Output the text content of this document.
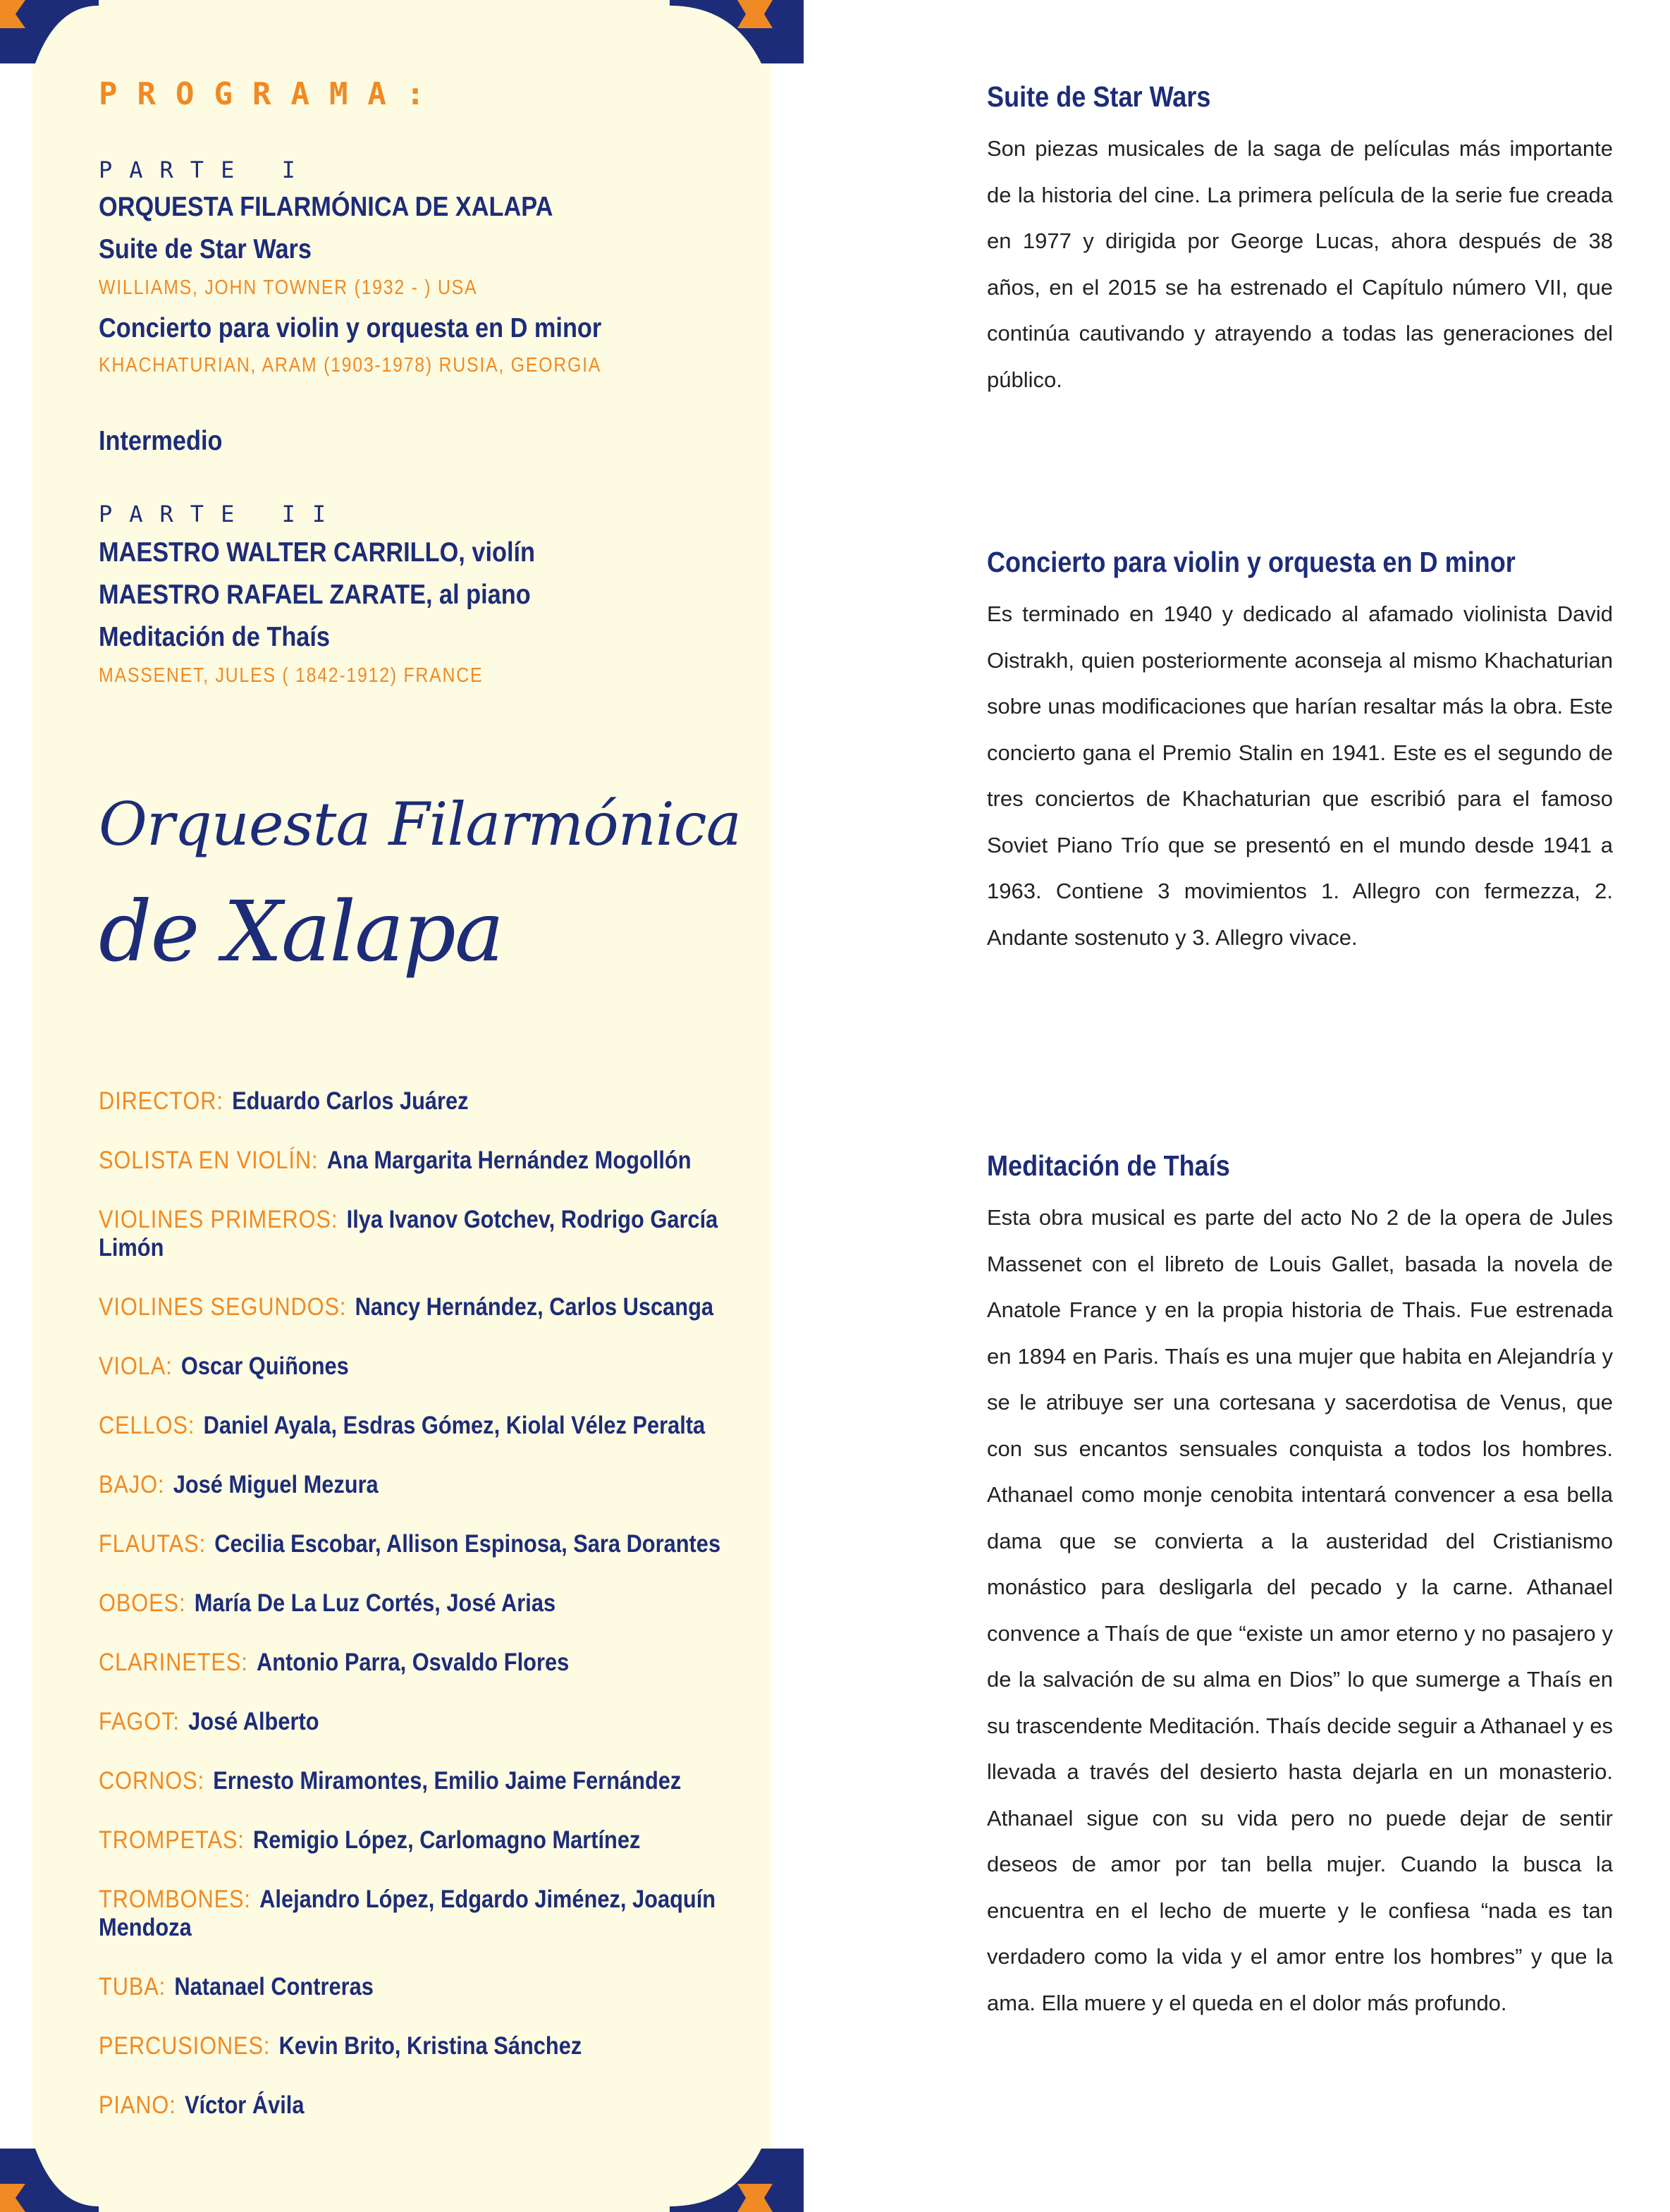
PROGRAMA:
PARTE I
ORQUESTA FILARMÓNICA DE XALAPA
Suite de Star Wars
WILLIAMS, JOHN TOWNER (1932 - ) USA
Concierto para violin y orquesta en D minor
KHACHATURIAN, ARAM (1903-1978) RUSIA, GEORGIA
Intermedio
PARTE II
MAESTRO WALTER CARRILLO, violín
MAESTRO RAFAEL ZARATE, al piano
Meditación de Thaís
MASSENET, JULES ( 1842-1912) FRANCE
Orquesta Filarmónica
de Xalapa
DIRECTOR: Eduardo Carlos Juárez
SOLISTA EN VIOLÍN: Ana Margarita Hernández Mogollón
VIOLINES PRIMEROS: Ilya Ivanov Gotchev, Rodrigo García Limón
VIOLINES SEGUNDOS: Nancy Hernández, Carlos Uscanga
VIOLA: Oscar Quiñones
CELLOS: Daniel Ayala, Esdras Gómez, Kiolal Vélez Peralta
BAJO: José Miguel Mezura
FLAUTAS: Cecilia Escobar, Allison Espinosa, Sara Dorantes
OBOES: María De La Luz Cortés, José Arias
CLARINETES: Antonio Parra, Osvaldo Flores
FAGOT: José Alberto
CORNOS: Ernesto Miramontes, Emilio Jaime Fernández
TROMPETAS: Remigio López, Carlomagno Martínez
TROMBONES: Alejandro López, Edgardo Jiménez, Joaquín Mendoza
TUBA: Natanael Contreras
PERCUSIONES: Kevin Brito, Kristina Sánchez
PIANO: Víctor Ávila
Suite de Star Wars

Son piezas musicales de la saga de películas más importante de la historia del cine. La primera película de la serie fue creada en 1977 y dirigida por George Lucas, ahora después de 38 años, en el 2015 se ha estrenado el Capítulo número VII, que continúa cautivando y atrayendo a todas las generaciones del público.

Concierto para violin y orquesta en D minor

Es terminado en 1940 y dedicado al afamado violinista David Oistrakh, quien posteriormente aconseja al mismo Khachaturian sobre unas modificaciones que harían resaltar más la obra. Este concierto gana el Premio Stalin en 1941. Este es el segundo de tres conciertos de Khachaturian que escribió para el famoso Soviet Piano Trío que se presentó en el mundo desde 1941 a 1963. Contiene 3 movimientos 1. Allegro con fermezza, 2. Andante sostenuto y 3. Allegro vivace.

Meditación de Thaís

Esta obra musical es parte del acto No 2 de la opera de Jules Massenet con el libreto de Louis Gallet, basada la novela de Anatole France y en la propia historia de Thais. Fue estrenada en 1894 en Paris. Thaís es una mujer que habita en Alejandría y se le atribuye ser una cortesana y sacerdotisa de Venus, que con sus encantos sensuales conquista a todos los hombres. Athanael como monje cenobita intentará convencer a esa bella dama que se convierta a la austeridad del Cristianismo monástico para desligarla del pecado y la carne. Athanael convence a Thaís de que “existe un amor eterno y no pasajero y de la salvación de su alma en Dios” lo que sumerge a Thaís en su trascendente Meditación. Thaís decide seguir a Athanael y es llevada a través del desierto hasta dejarla en un monasterio. Athanael sigue con su vida pero no puede dejar de sentir deseos de amor por tan bella mujer. Cuando la busca la encuentra en el lecho de muerte y le confiesa “nada es tan verdadero como la vida y el amor entre los hombres” y que la ama. Ella muere y el queda en el dolor más profundo.
